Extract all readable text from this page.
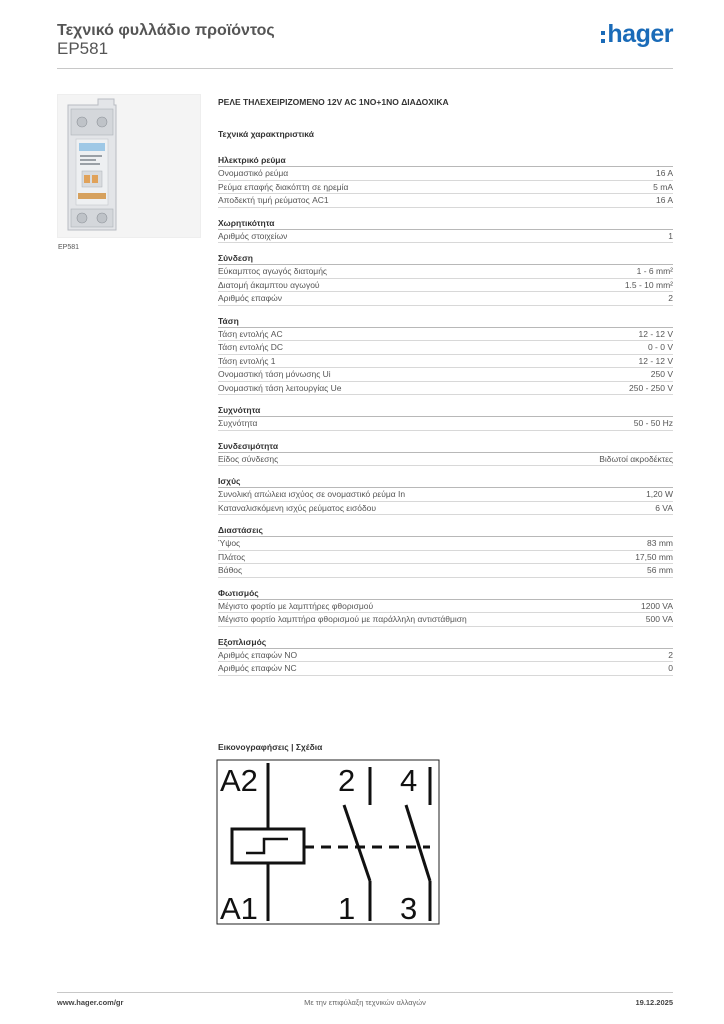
Τεχνικό φυλλάδιο προϊόντος
EP581
hager
EP581
ΡΕΛΕ ΤΗΛΕΧΕΙΡΙΖΟΜΕΝΟ 12V AC 1NO+1NO ΔΙΑΔΟΧΙΚΑ
Τεχνικά χαρακτηριστικά
Ηλεκτρικό ρεύμα
Ονομαστικό ρεύμα	16 A
Ρεύμα επαφής διακόπτη σε ηρεμία	5 mA
Αποδεκτή τιμή ρεύματος AC1	16 A
Χωρητικότητα
Αριθμός στοιχείων	1
Σύνδεση
Εύκαμπτος αγωγός διατομής	1 - 6 mm²
Διατομή άκαμπτου αγωγού	1.5 - 10 mm²
Αριθμός επαφών	2
Τάση
Τάση εντολής AC	12 - 12 V
Τάση εντολής DC	0 - 0 V
Τάση εντολής 1	12 - 12 V
Ονομαστική τάση μόνωσης Ui	250 V
Ονομαστική τάση λειτουργίας Ue	250 - 250 V
Συχνότητα
Συχνότητα	50 - 50 Hz
Συνδεσιμότητα
Είδος σύνδεσης	Βιδωτοί ακροδέκτες
Ισχύς
Συνολική απώλεια ισχύος σε ονομαστικό ρεύμα In	1,20 W
Καταναλισκόμενη ισχύς ρεύματος εισόδου	6 VA
Διαστάσεις
Ύψος	83 mm
Πλάτος	17,50 mm
Βάθος	56 mm
Φωτισμός
Μέγιστο φορτίο με λαμπτήρες φθορισμού	1200 VA
Μέγιστο φορτίο λαμπτήρα φθορισμού με παράλληλη αντιστάθμιση	500 VA
Εξοπλισμός
Αριθμός επαφών NO	2
Αριθμός επαφών NC	0
Εικονογραφήσεις | Σχέδια
A2
A1
2 4
1 3
Με την επιφύλαξη τεχνικών αλλαγών
www.hager.com/gr	19.12.2025
